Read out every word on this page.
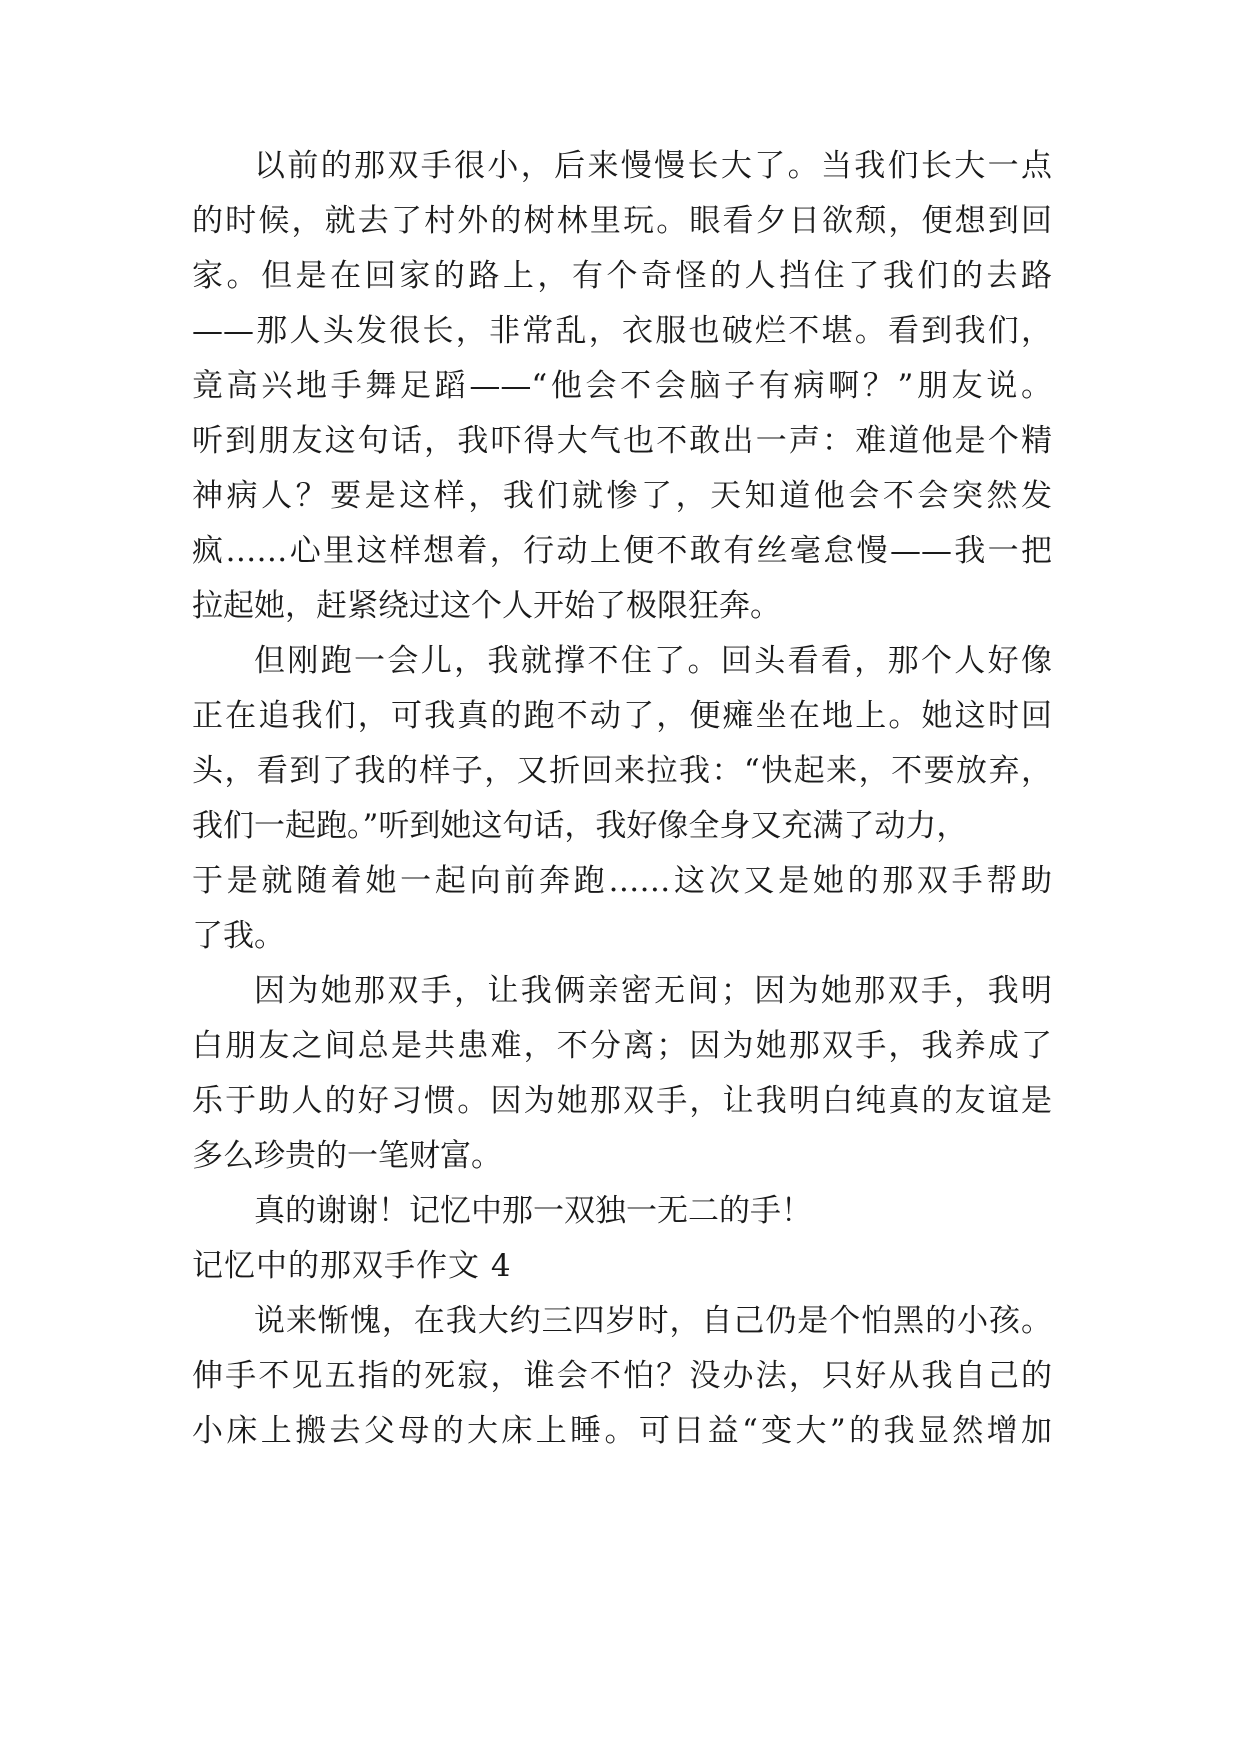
以前的那双手很小，后来慢慢长大了。当我们长大一点
的时候，就去了村外的树林里玩。眼看夕日欲颓，便想到回
家。但是在回家的路上，有个奇怪的人挡住了我们的去路
——那人头发很长，非常乱，衣服也破烂不堪。看到我们，
竟高兴地手舞足蹈——“他会不会脑子有病啊？”朋友说。
听到朋友这句话，我吓得大气也不敢出一声：难道他是个精
神病人？要是这样，我们就惨了，天知道他会不会突然发
疯……心里这样想着，行动上便不敢有丝毫怠慢——我一把
拉起她，赶紧绕过这个人开始了极限狂奔。
但刚跑一会儿，我就撑不住了。回头看看，那个人好像
正在追我们，可我真的跑不动了，便瘫坐在地上。她这时回
头，看到了我的样子，又折回来拉我：“快起来，不要放弃，
我们一起跑。”听到她这句话，我好像全身又充满了动力，
于是就随着她一起向前奔跑……这次又是她的那双手帮助
了我。
因为她那双手，让我俩亲密无间；因为她那双手，我明
白朋友之间总是共患难，不分离；因为她那双手，我养成了
乐于助人的好习惯。因为她那双手，让我明白纯真的友谊是
多么珍贵的一笔财富。
真的谢谢！记忆中那一双独一无二的手！
记忆中的那双手作文 4
说来惭愧，在我大约三四岁时，自己仍是个怕黑的小孩。
伸手不见五指的死寂，谁会不怕？没办法，只好从我自己的
小床上搬去父母的大床上睡。可日益“变大”的我显然增加
